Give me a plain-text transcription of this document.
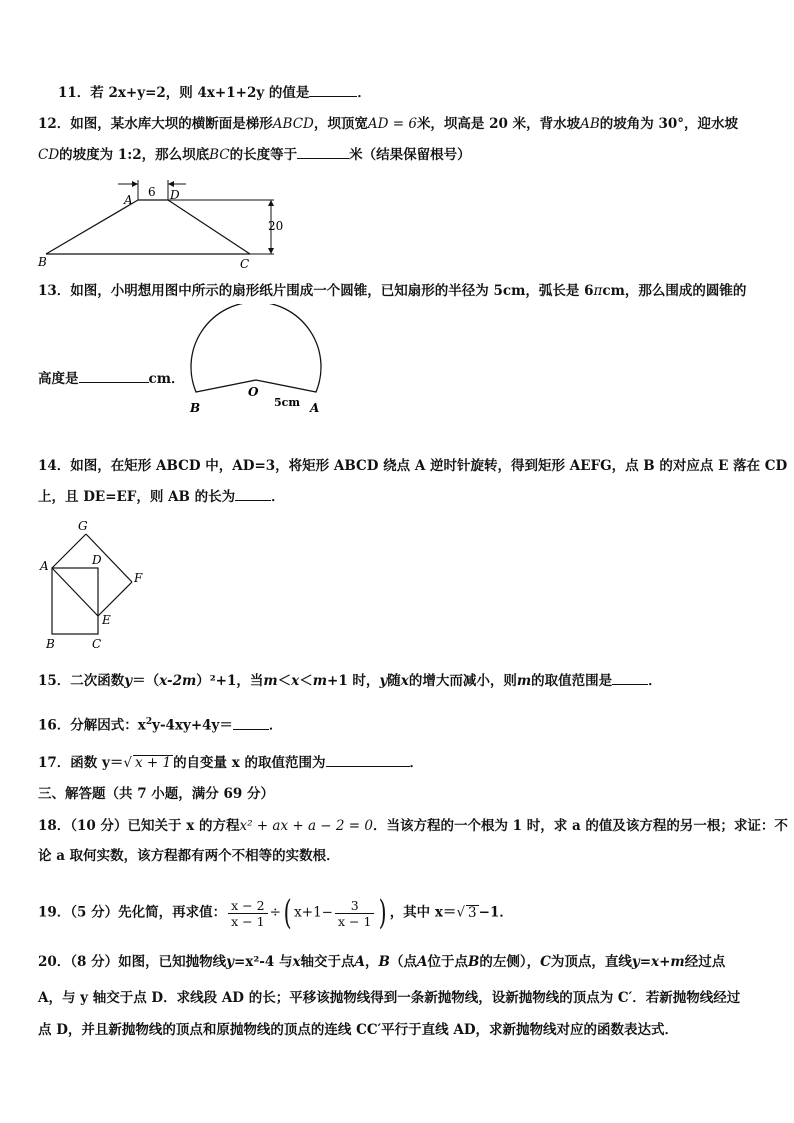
11．若 2x+y=2，则 4x+1+2y 的值是	．
12．如图，某水库大坝的横断面是梯形ABCD，坝顶宽AD = 6米，坝高是 20 米，背水坡AB的坡角为 30°，迎水坡
CD的坡度为 1:2，那么坝底BC的长度等于	米（结果保留根号）
6
20
A	D
B	C
13．如图，小明想用图中所示的扇形纸片围成一个圆锥，已知扇形的半径为 5cm，弧长是 6πcm，那么围成的圆锥的
高度是	cm．
O
B	5cm A
14．如图，在矩形 ABCD 中，AD=3，将矩形 ABCD 绕点 A 逆时针旋转，得到矩形 AEFG，点 B 的对应点 E 落在 CD
上，且 DE=EF，则 AB 的长为	．
G
A	D
F
E
B	C
15．二次函数y＝（x-2m）²+1，当m＜x＜m+1 时，y随x的增大而减小，则m的取值范围是	．
16．分解因式：$x^2y-4xy+4y=$	．
17．函数 y＝√ x + 1 的自变量 x 的取值范围为	．
三、解答题（共 7 小题，满分 69 分）
18．（10 分）已知关于 x 的方程x² + ax + a − 2 = 0．当该方程的一个根为 1 时，求 a 的值及该方程的另一根；求证：不
论 a 取何实数，该方程都有两个不相等的实数根．
19．（5 分）先化简，再求值： $\frac{x - 2}{x - 1}$ ÷( $x+1- \frac{3}{x - 1}$ ) ，其中 x＝√ 3 −1．
20．（8 分）如图，已知抛物线y=x²-4 与x轴交于点A，B（点A位于点B的左侧），C为顶点，直线y=x+m经过点
A，与 y 轴交于点 D．求线段 AD 的长；平移该抛物线得到一条新抛物线，设新抛物线的顶点为 C′．若新抛物线经过
点 D，并且新抛物线的顶点和原抛物线的顶点的连线 CC′平行于直线 AD，求新抛物线对应的函数表达式．
